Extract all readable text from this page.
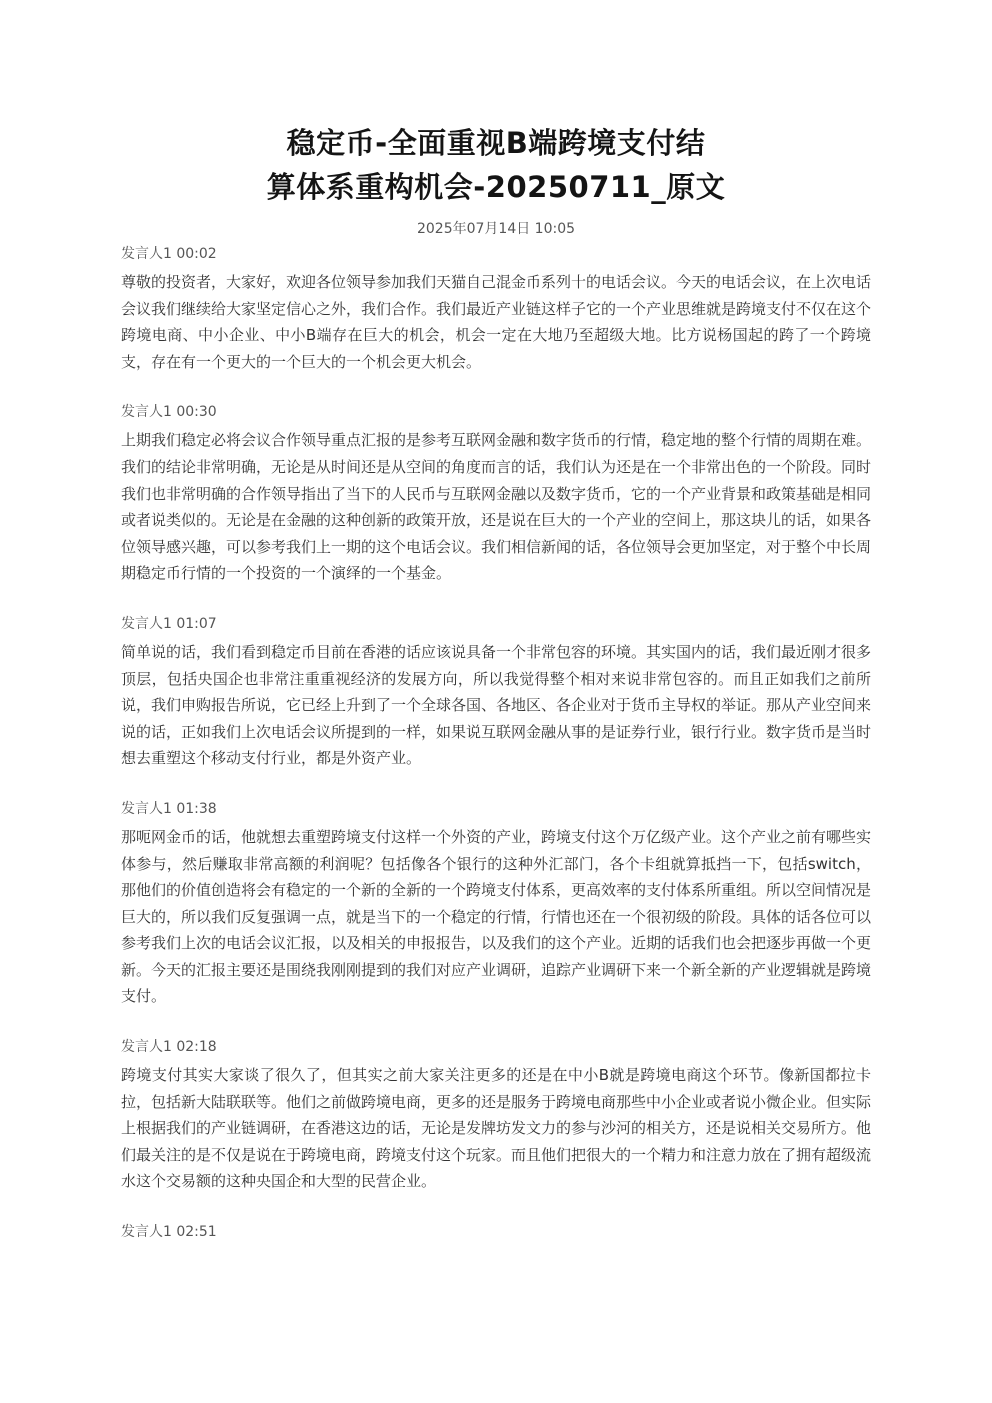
稳定币-全面重视B端跨境支付结
算体系重构机会-20250711_原文
2025年07月14日 10:05
发言人1 00:02

尊敬的投资者，大家好，欢迎各位领导参加我们天猫自己混金币系列十的电话会议。今天的电话会议，在上次电话会议我们继续给大家坚定信心之外，我们合作。我们最近产业链这样子它的一个产业思维就是跨境支付不仅在这个跨境电商、中小企业、中小B端存在巨大的机会，机会一定在大地乃至超级大地。比方说杨国起的跨了一个跨境支，存在有一个更大的一个巨大的一个机会更大机会。

发言人1 00:30

上期我们稳定必将会议合作领导重点汇报的是参考互联网金融和数字货币的行情，稳定地的整个行情的周期在难。我们的结论非常明确，无论是从时间还是从空间的角度而言的话，我们认为还是在一个非常出色的一个阶段。同时我们也非常明确的合作领导指出了当下的人民币与互联网金融以及数字货币，它的一个产业背景和政策基础是相同或者说类似的。无论是在金融的这种创新的政策开放，还是说在巨大的一个产业的空间上，那这块儿的话，如果各位领导感兴趣，可以参考我们上一期的这个电话会议。我们相信新闻的话，各位领导会更加坚定，对于整个中长周期稳定币行情的一个投资的一个演绎的一个基金。

发言人1 01:07

简单说的话，我们看到稳定币目前在香港的话应该说具备一个非常包容的环境。其实国内的话，我们最近刚才很多顶层，包括央国企也非常注重重视经济的发展方向，所以我觉得整个相对来说非常包容的。而且正如我们之前所说，我们申购报告所说，它已经上升到了一个全球各国、各地区、各企业对于货币主导权的举证。那从产业空间来说的话，正如我们上次电话会议所提到的一样，如果说互联网金融从事的是证券行业，银行行业。数字货币是当时想去重塑这个移动支付行业，都是外资产业。

发言人1 01:38

那呃网金币的话，他就想去重塑跨境支付这样一个外资的产业，跨境支付这个万亿级产业。这个产业之前有哪些实体参与，然后赚取非常高额的利润呢？包括像各个银行的这种外汇部门，各个卡组就算抵挡一下，包括switch，那他们的价值创造将会有稳定的一个新的全新的一个跨境支付体系，更高效率的支付体系所重组。所以空间情况是巨大的，所以我们反复强调一点，就是当下的一个稳定的行情，行情也还在一个很初级的阶段。具体的话各位可以参考我们上次的电话会议汇报，以及相关的申报报告，以及我们的这个产业。近期的话我们也会把逐步再做一个更新。今天的汇报主要还是围绕我刚刚提到的我们对应产业调研，追踪产业调研下来一个新全新的产业逻辑就是跨境支付。

发言人1 02:18

跨境支付其实大家谈了很久了，但其实之前大家关注更多的还是在中小B就是跨境电商这个环节。像新国都拉卡拉，包括新大陆联联等。他们之前做跨境电商，更多的还是服务于跨境电商那些中小企业或者说小微企业。但实际上根据我们的产业链调研，在香港这边的话，无论是发牌坊发文力的参与沙河的相关方，还是说相关交易所方。他们最关注的是不仅是说在于跨境电商，跨境支付这个玩家。而且他们把很大的一个精力和注意力放在了拥有超级流水这个交易额的这种央国企和大型的民营企业。

发言人1 02:51
